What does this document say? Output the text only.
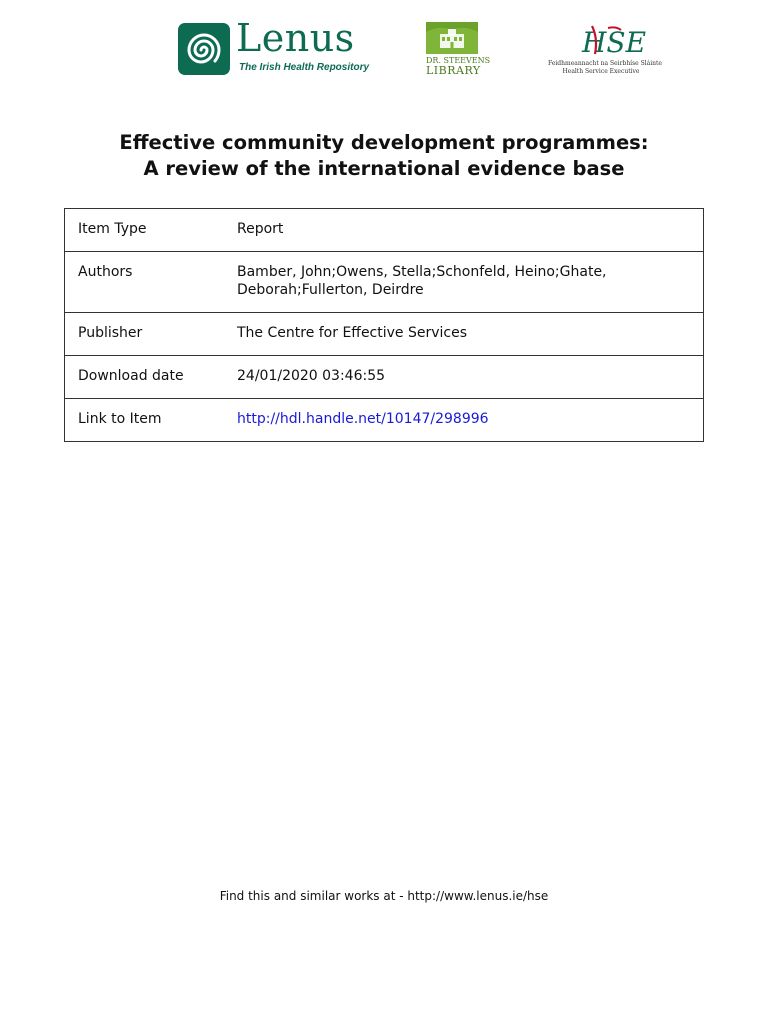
Lenus
The Irish Health Repository
DR. STEEVENS
LIBRARY
HSE
Feidhmeannacht na Seirbhíse Sláinte
Health Service Executive
Effective community development programmes:
A review of the international evidence base
Item Type	Report
Authors	Bamber, John;Owens, Stella;Schonfeld, Heino;Ghate, Deborah;Fullerton, Deirdre
Publisher	The Centre for Effective Services
Download date	24/01/2020 03:46:55
Link to Item	http://hdl.handle.net/10147/298996
Find this and similar works at - http://www.lenus.ie/hse
